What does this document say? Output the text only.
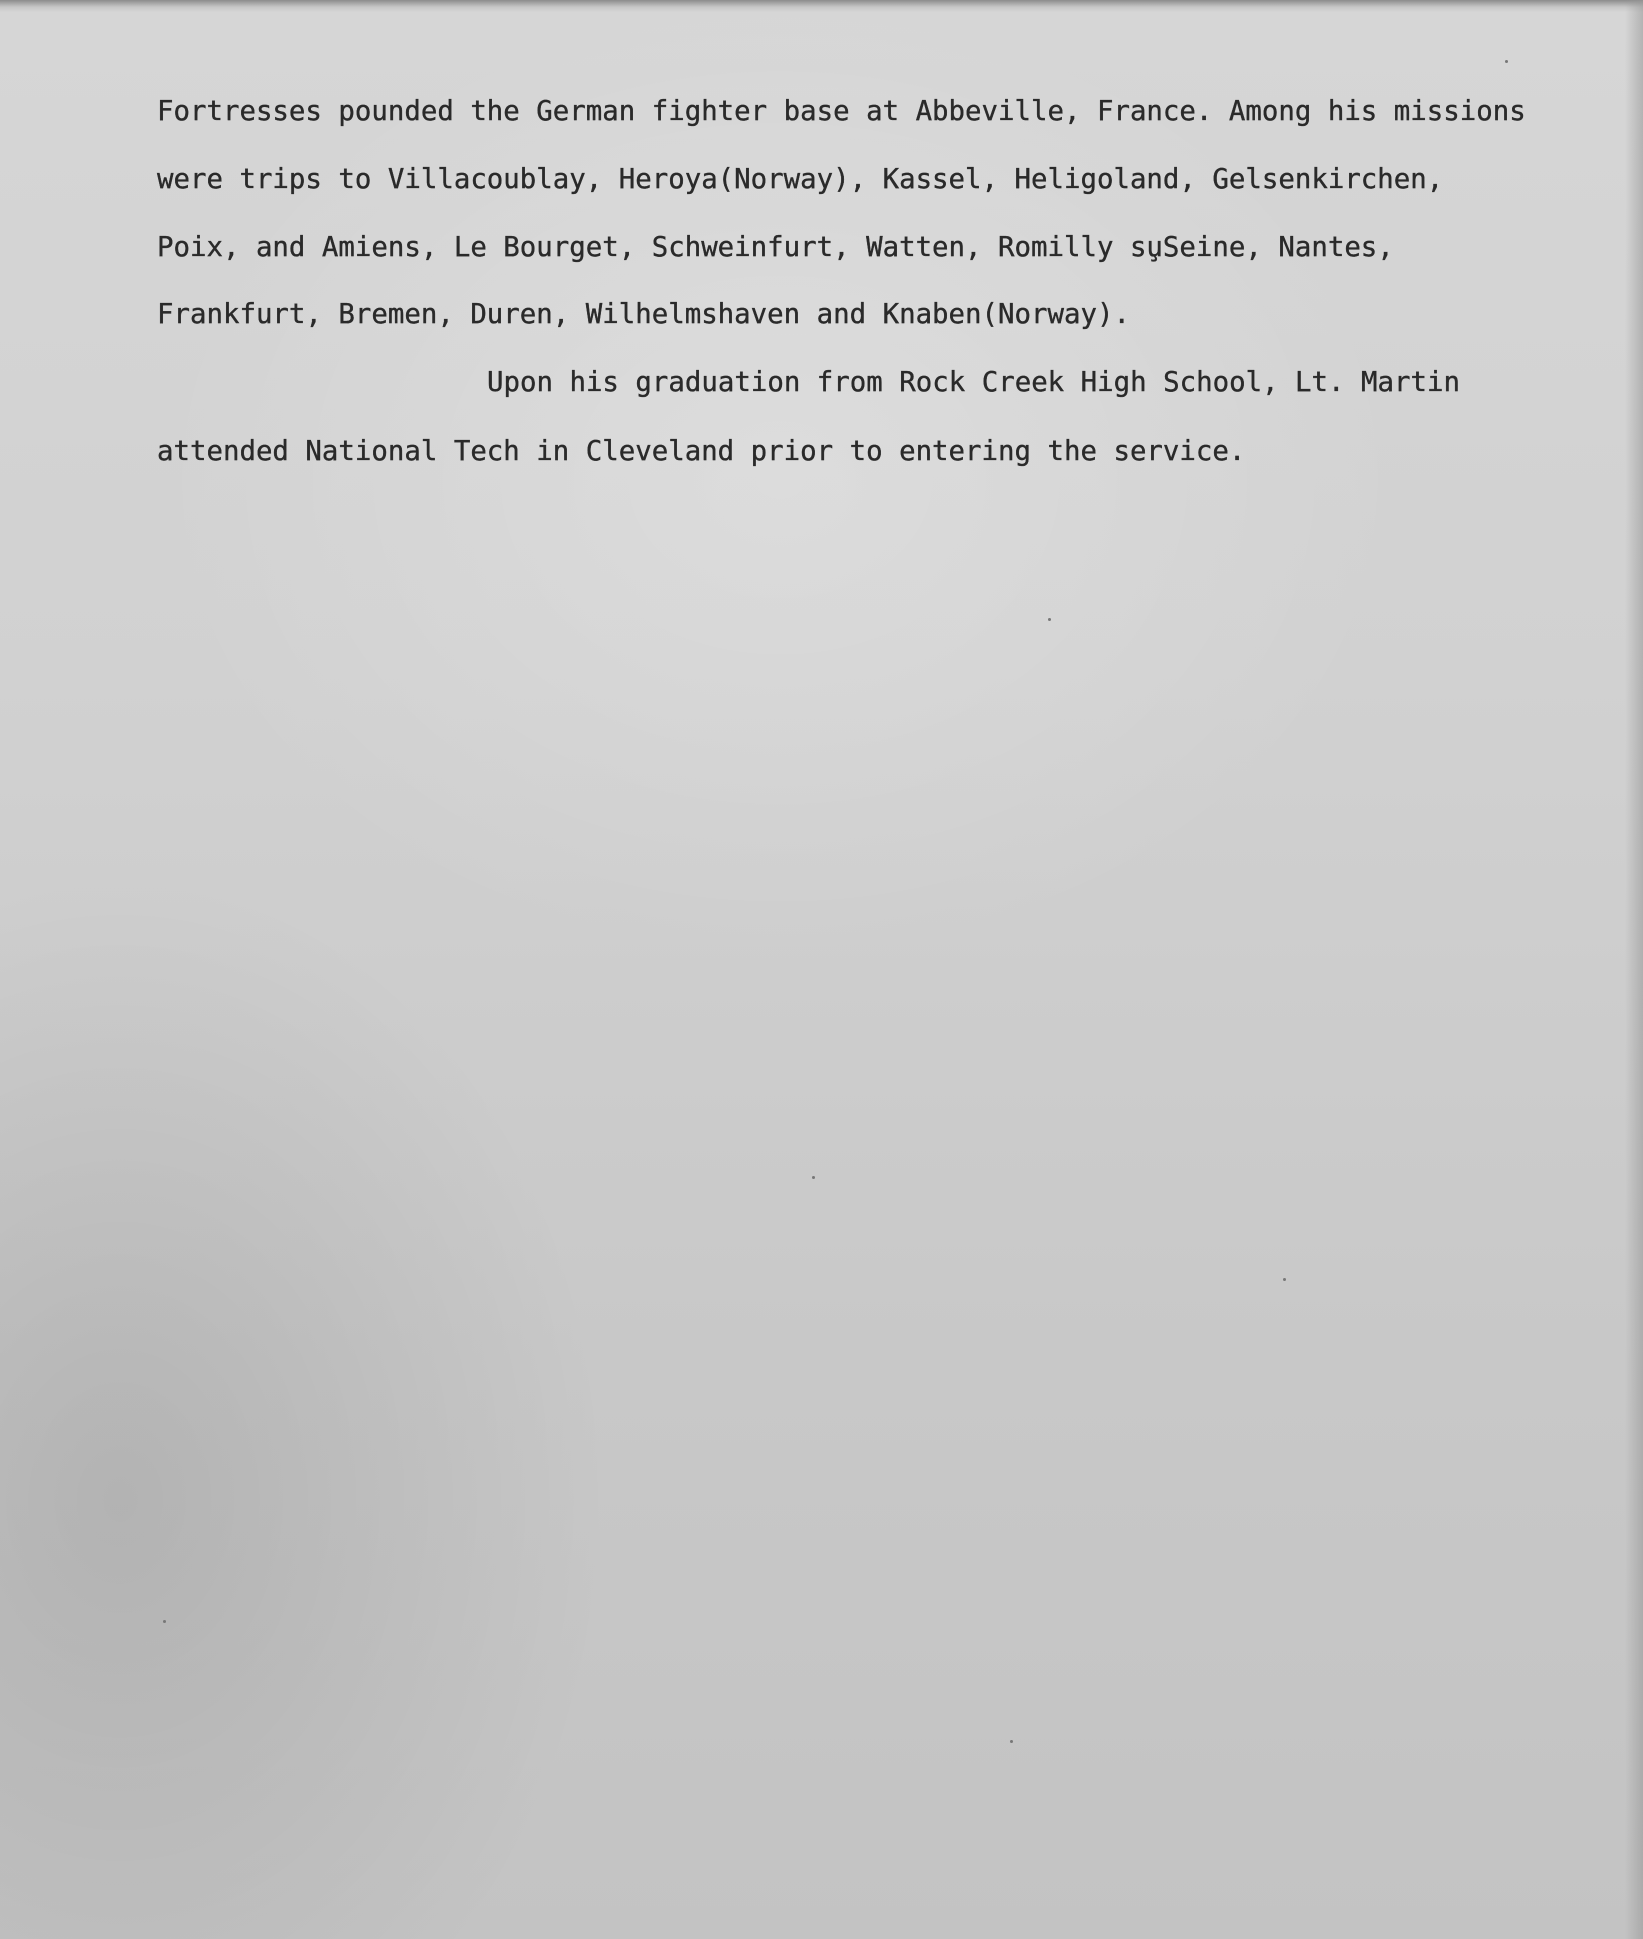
Fortresses pounded the German fighter base at Abbeville, France. Among his missions
were trips to Villacoublay, Heroya(Norway), Kassel, Heligoland, Gelsenkirchen,
Poix, and Amiens, Le Bourget, Schweinfurt, Watten, Romilly su̧Seine, Nantes,
Frankfurt, Bremen, Duren, Wilhelmshaven and Knaben(Norway).
Upon his graduation from Rock Creek High School, Lt. Martin
attended National Tech in Cleveland prior to entering the service.
